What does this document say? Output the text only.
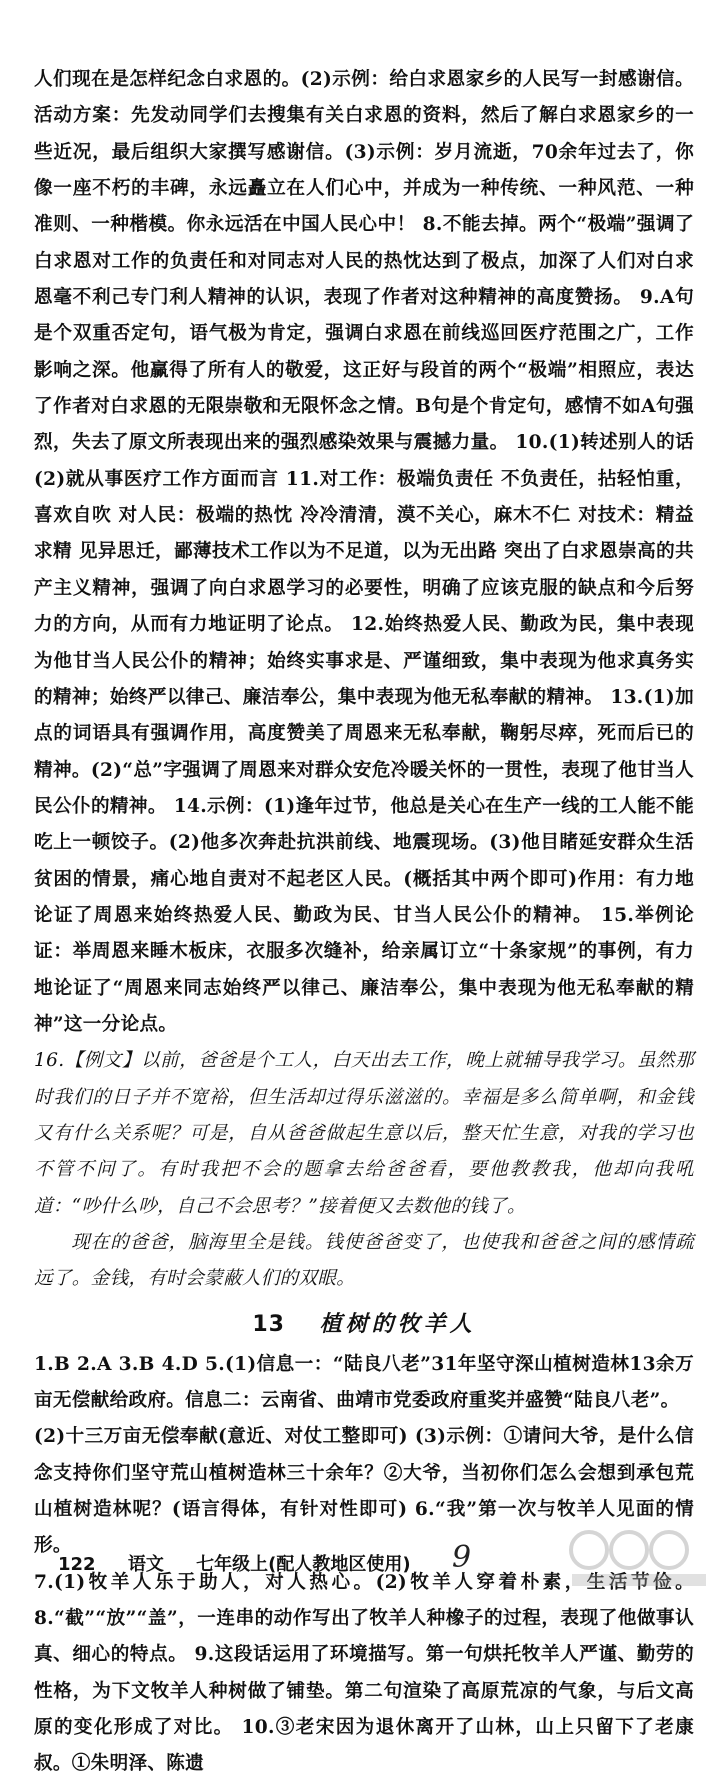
人们现在是怎样纪念白求恩的。(2)示例：给白求恩家乡的人民写一封感谢信。活动方案：先发动同学们去搜集有关白求恩的资料，然后了解白求恩家乡的一些近况，最后组织大家撰写感谢信。(3)示例：岁月流逝，70余年过去了，你像一座不朽的丰碑，永远矗立在人们心中，并成为一种传统、一种风范、一种准则、一种楷模。你永远活在中国人民心中！ 8.不能去掉。两个“极端”强调了白求恩对工作的负责任和对同志对人民的热忱达到了极点，加深了人们对白求恩毫不利己专门利人精神的认识，表现了作者对这种精神的高度赞扬。 9.A句是个双重否定句，语气极为肯定，强调白求恩在前线巡回医疗范围之广，工作影响之深。他赢得了所有人的敬爱，这正好与段首的两个“极端”相照应，表达了作者对白求恩的无限崇敬和无限怀念之情。B句是个肯定句，感情不如A句强烈，失去了原文所表现出来的强烈感染效果与震撼力量。 10.(1)转述别人的话 (2)就从事医疗工作方面而言 11.对工作：极端负责任 不负责任，拈轻怕重，喜欢自吹 对人民：极端的热忱 冷冷清清，漠不关心，麻木不仁 对技术：精益求精 见异思迁，鄙薄技术工作以为不足道，以为无出路 突出了白求恩崇高的共产主义精神，强调了向白求恩学习的必要性，明确了应该克服的缺点和今后努力的方向，从而有力地证明了论点。 12.始终热爱人民、勤政为民，集中表现为他甘当人民公仆的精神；始终实事求是、严谨细致，集中表现为他求真务实的精神；始终严以律己、廉洁奉公，集中表现为他无私奉献的精神。 13.(1)加点的词语具有强调作用，高度赞美了周恩来无私奉献，鞠躬尽瘁，死而后已的精神。(2)“总”字强调了周恩来对群众安危冷暖关怀的一贯性，表现了他甘当人民公仆的精神。 14.示例：(1)逢年过节，他总是关心在生产一线的工人能不能吃上一顿饺子。(2)他多次奔赴抗洪前线、地震现场。(3)他目睹延安群众生活贫困的情景，痛心地自责对不起老区人民。(概括其中两个即可)作用：有力地论证了周恩来始终热爱人民、勤政为民、甘当人民公仆的精神。 15.举例论证：举周恩来睡木板床，衣服多次缝补，给亲属订立“十条家规”的事例，有力地论证了“周恩来同志始终严以律己、廉洁奉公，集中表现为他无私奉献的精神”这一分论点。

16.【例文】以前，爸爸是个工人，白天出去工作，晚上就辅导我学习。虽然那时我们的日子并不宽裕，但生活却过得乐滋滋的。幸福是多么简单啊，和金钱又有什么关系呢？可是，自从爸爸做起生意以后，整天忙生意，对我的学习也不管不问了。有时我把不会的题拿去给爸爸看，要他教教我，他却向我吼道：“吵什么吵，自己不会思考？”接着便又去数他的钱了。

现在的爸爸，脑海里全是钱。钱使爸爸变了，也使我和爸爸之间的感情疏远了。金钱，有时会蒙蔽人们的双眼。

13 植树的牧羊人

1.B 2.A 3.B 4.D 5.(1)信息一：“陆良八老”31年坚守深山植树造林13余万亩无偿献给政府。信息二：云南省、曲靖市党委政府重奖并盛赞“陆良八老”。

(2)十三万亩无偿奉献(意近、对仗工整即可) (3)示例：①请问大爷，是什么信念支持你们坚守荒山植树造林三十余年？②大爷，当初你们怎么会想到承包荒山植树造林呢？(语言得体，有针对性即可) 6.“我”第一次与牧羊人见面的情形。

7.(1)牧羊人乐于助人，对人热心。(2)牧羊人穿着朴素，生活节俭。 8.“截”“放”“盖”，一连串的动作写出了牧羊人种橡子的过程，表现了他做事认真、细心的特点。 9.这段话运用了环境描写。第一句烘托牧羊人严谨、勤劳的性格，为下文牧羊人种树做了铺垫。第二句渲染了高原荒凉的气象，与后文高原的变化形成了对比。 10.③老宋因为退休离开了山林，山上只留下了老康叔。①朱明泽、陈遗

122 语文 七年级上(配人教地区使用)	9
